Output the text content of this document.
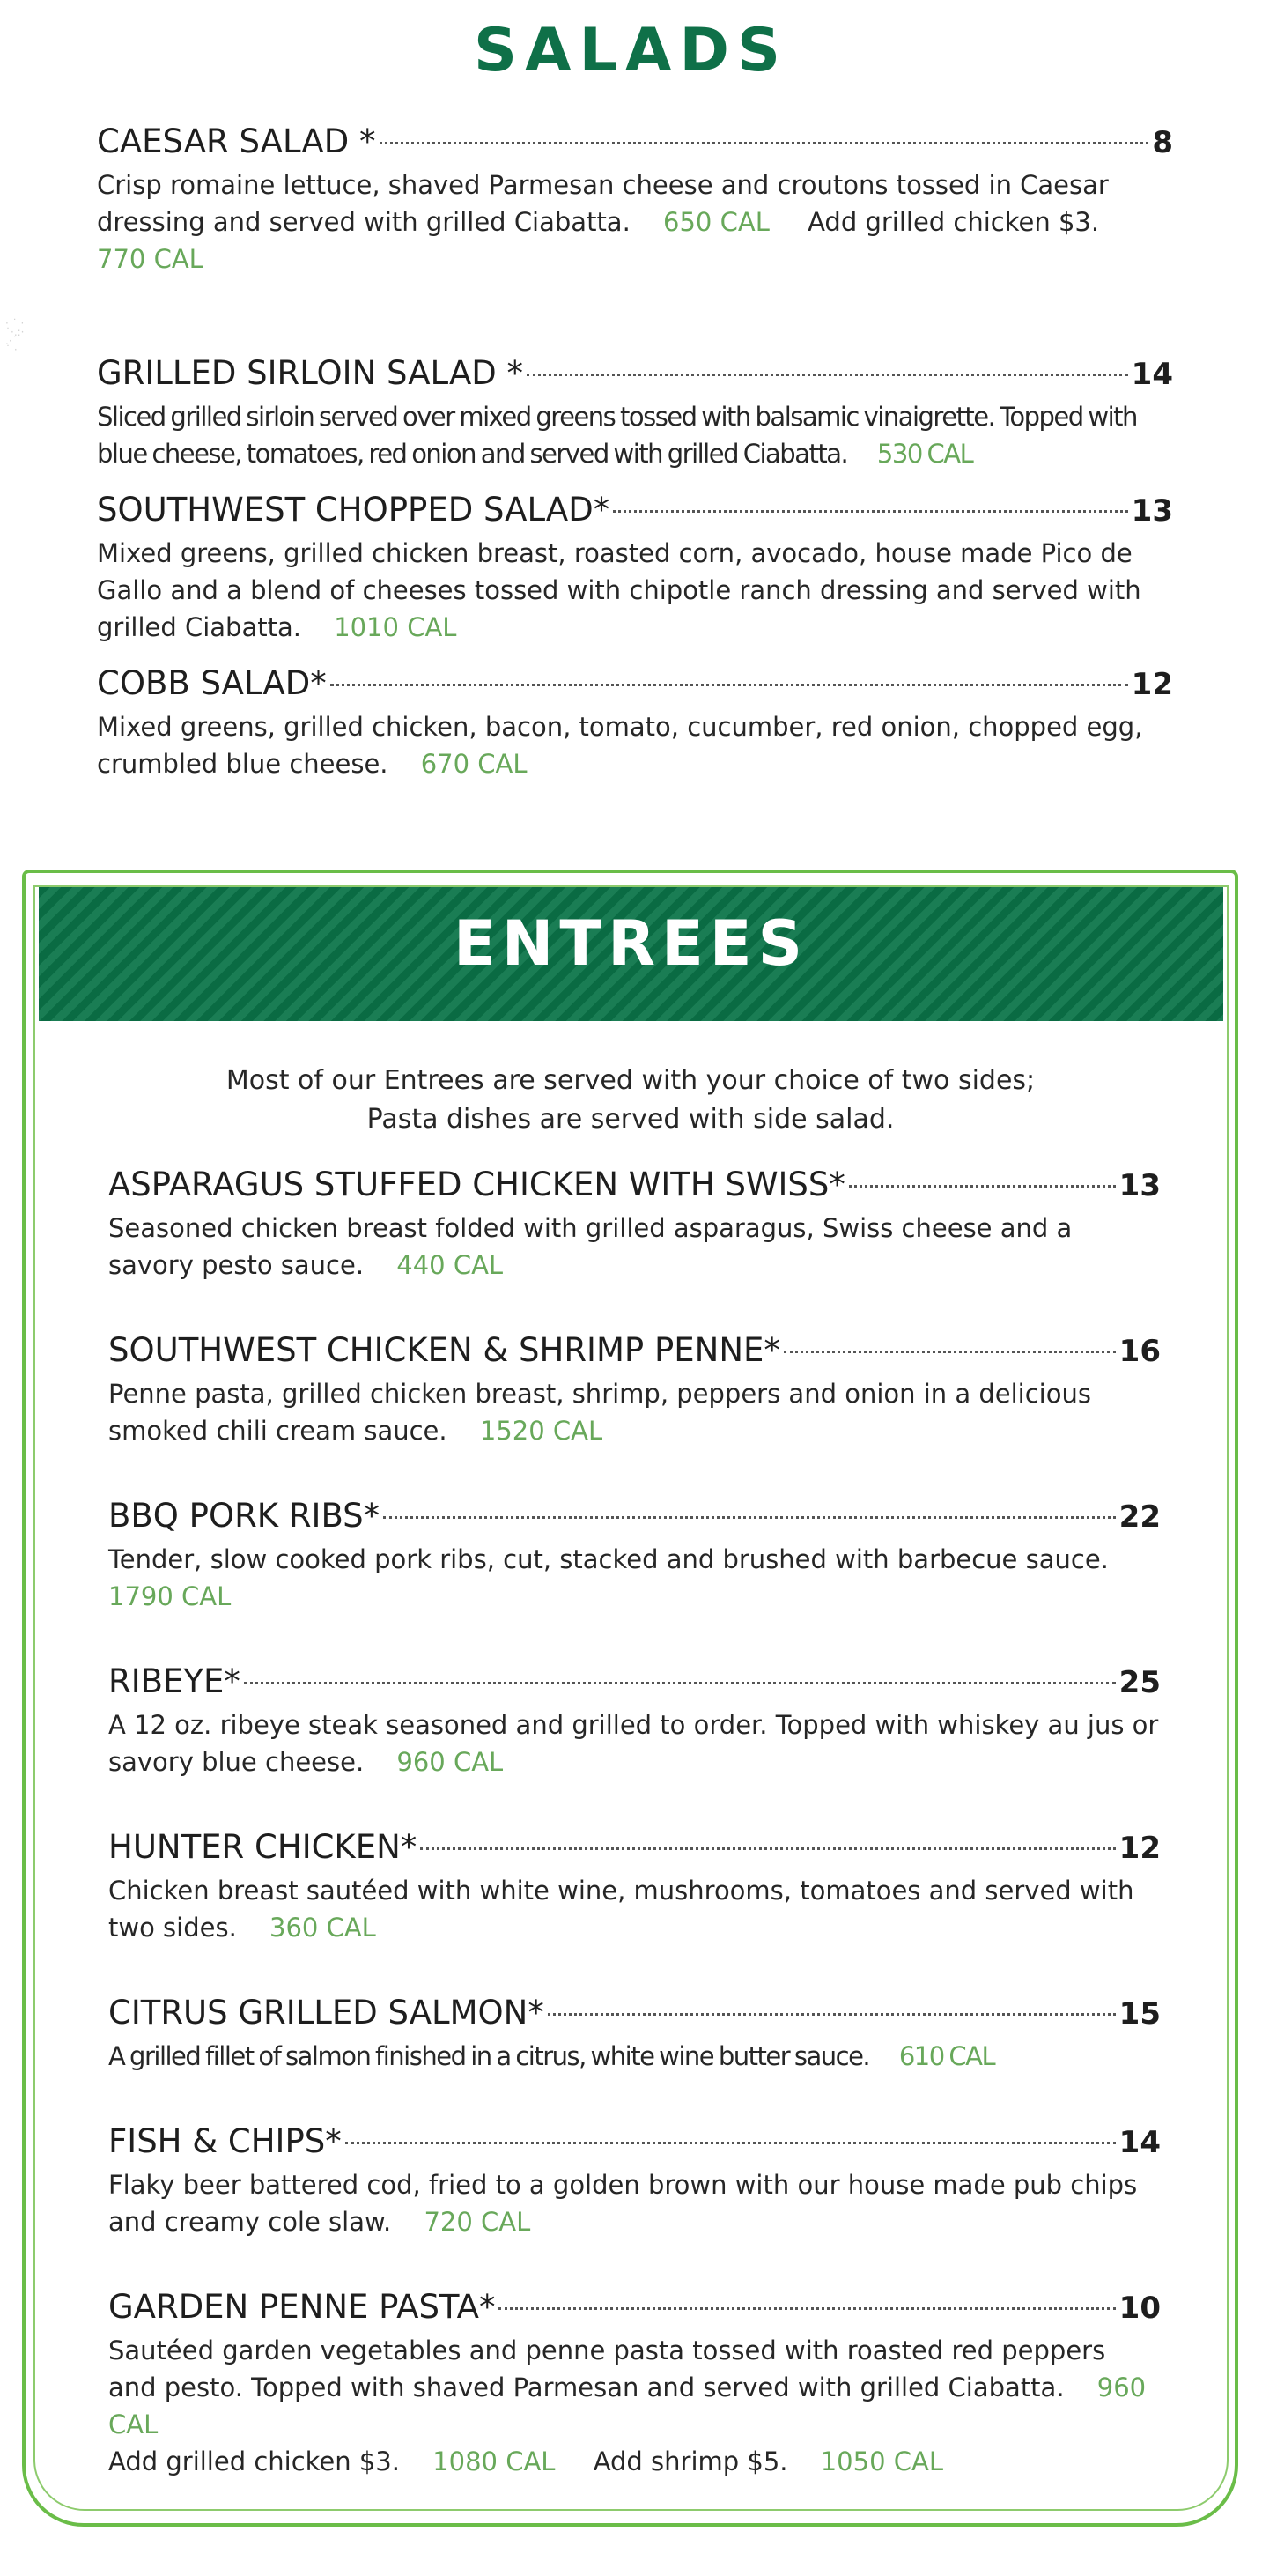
SALADS
· ˙ ·
˙·.:·
.·˙
˙ ·
CAESAR SALAD *	8
Crisp romaine lettuce, shaved Parmesan cheese and croutons tossed in Caesar dressing and served with grilled Ciabatta. 650 CAL Add grilled chicken $3.
770 CAL
GRILLED SIRLOIN SALAD *	14
Sliced grilled sirloin served over mixed greens tossed with balsamic vinaigrette. Topped with blue cheese, tomatoes, red onion and served with grilled Ciabatta. 530 CAL
SOUTHWEST CHOPPED SALAD*	13
Mixed greens, grilled chicken breast, roasted corn, avocado, house made Pico de Gallo and a blend of cheeses tossed with chipotle ranch dressing and served with grilled Ciabatta. 1010 CAL
COBB SALAD*	12
Mixed greens, grilled chicken, bacon, tomato, cucumber, red onion, chopped egg, crumbled blue cheese. 670 CAL
ENTREES
Most of our Entrees are served with your choice of two sides; Pasta dishes are served with side salad.
ASPARAGUS STUFFED CHICKEN WITH SWISS*	13
Seasoned chicken breast folded with grilled asparagus, Swiss cheese and a savory pesto sauce. 440 CAL
SOUTHWEST CHICKEN & SHRIMP PENNE*	16
Penne pasta, grilled chicken breast, shrimp, peppers and onion in a delicious smoked chili cream sauce. 1520 CAL
BBQ PORK RIBS*	22
Tender, slow cooked pork ribs, cut, stacked and brushed with barbecue sauce.
1790 CAL
RIBEYE*	25
A 12 oz. ribeye steak seasoned and grilled to order. Topped with whiskey au jus or savory blue cheese. 960 CAL
HUNTER CHICKEN*	12
Chicken breast sautéed with white wine, mushrooms, tomatoes and served with two sides. 360 CAL
CITRUS GRILLED SALMON*	15
A grilled fillet of salmon finished in a citrus, white wine butter sauce. 610 CAL
FISH & CHIPS*	14
Flaky beer battered cod, fried to a golden brown with our house made pub chips and creamy cole slaw. 720 CAL
GARDEN PENNE PASTA*	10
Sautéed garden vegetables and penne pasta tossed with roasted red peppers and pesto. Topped with shaved Parmesan and served with grilled Ciabatta. 960 CAL
Add grilled chicken $3. 1080 CAL Add shrimp $5. 1050 CAL
